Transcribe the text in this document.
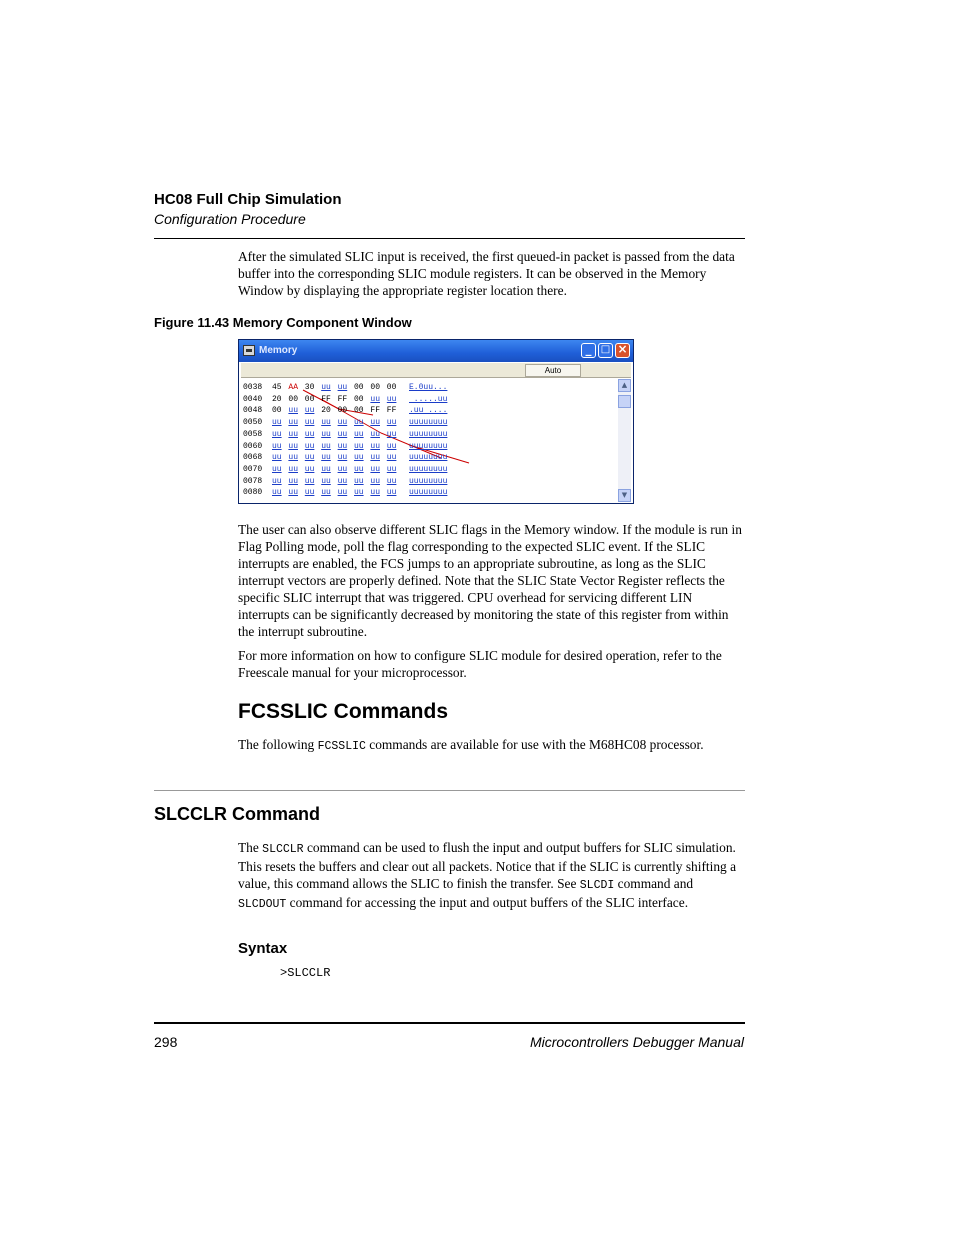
HC08 Full Chip Simulation
Configuration Procedure

After the simulated SLIC input is received, the first queued-in packet is passed from the data buffer into the corresponding SLIC module registers. It can be observed in the Memory Window by displaying the appropriate register location there.

Figure 11.43 Memory Component Window
Memory	_ □ ×
Auto
0038 45 AA 30 uu uu 00 00 00 E.0uu...
0040 20 00 00 FF FF 00 uu uu .....uu
0048 00 uu uu 20 00 00 FF FF .uu ....
0050 uu uu uu uu uu uu uu uu uuuuuuuu
0058 uu uu uu uu uu uu uu uu uuuuuuuu
0060 uu uu uu uu uu uu uu uu uuuuuuuu
0068 uu uu uu uu uu uu uu uu uuuuuuuu
0070 uu uu uu uu uu uu uu uu uuuuuuuu
0078 uu uu uu uu uu uu uu uu uuuuuuuu
0080 uu uu uu uu uu uu uu uu uuuuuuuu
▲
▼

The user can also observe different SLIC flags in the Memory window. If the module is run in Flag Polling mode, poll the flag corresponding to the expected SLIC event. If the SLIC interrupts are enabled, the FCS jumps to an appropriate subroutine, as long as the SLIC interrupt vectors are properly defined. Note that the SLIC State Vector Register reflects the specific SLIC interrupt that was triggered. CPU overhead for servicing different LIN interrupts can be significantly decreased by monitoring the state of this register from within the interrupt subroutine.

For more information on how to configure SLIC module for desired operation, refer to the Freescale manual for your microprocessor.

FCSSLIC Commands

The following FCSSLIC commands are available for use with the M68HC08 processor.

SLCCLR Command

The SLCCLR command can be used to flush the input and output buffers for SLIC simulation. This resets the buffers and clear out all packets. Notice that if the SLIC is currently shifting a value, this command allows the SLIC to finish the transfer. See SLCDI command and SLCDOUT command for accessing the input and output buffers of the SLIC interface.

Syntax
>SLCCLR
298	Microcontrollers Debugger Manual
